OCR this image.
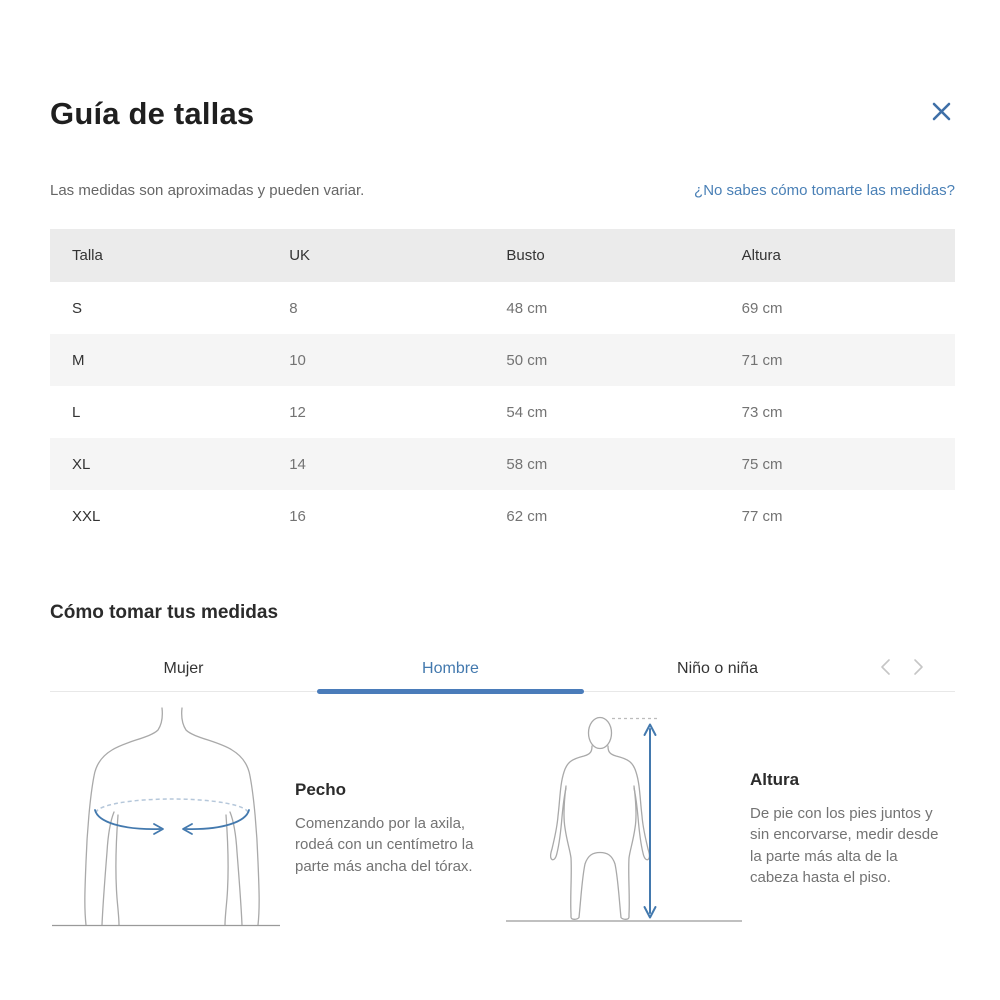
Guía de tallas
Las medidas son aproximadas y pueden variar.	¿No sabes cómo tomarte las medidas?
Talla	UK	Busto	Altura
S	8	48 cm	69 cm
M	10	50 cm	71 cm
L	12	54 cm	73 cm
XL	14	58 cm	75 cm
XXL	16	62 cm	77 cm
Cómo tomar tus medidas
Mujer	Hombre	Niño o niña
Pecho

Comenzando por la axila, rodeá con un centímetro la parte más ancha del tórax.

Altura

De pie con los pies juntos y sin encorvarse, medir desde la parte más alta de la cabeza hasta el piso.
